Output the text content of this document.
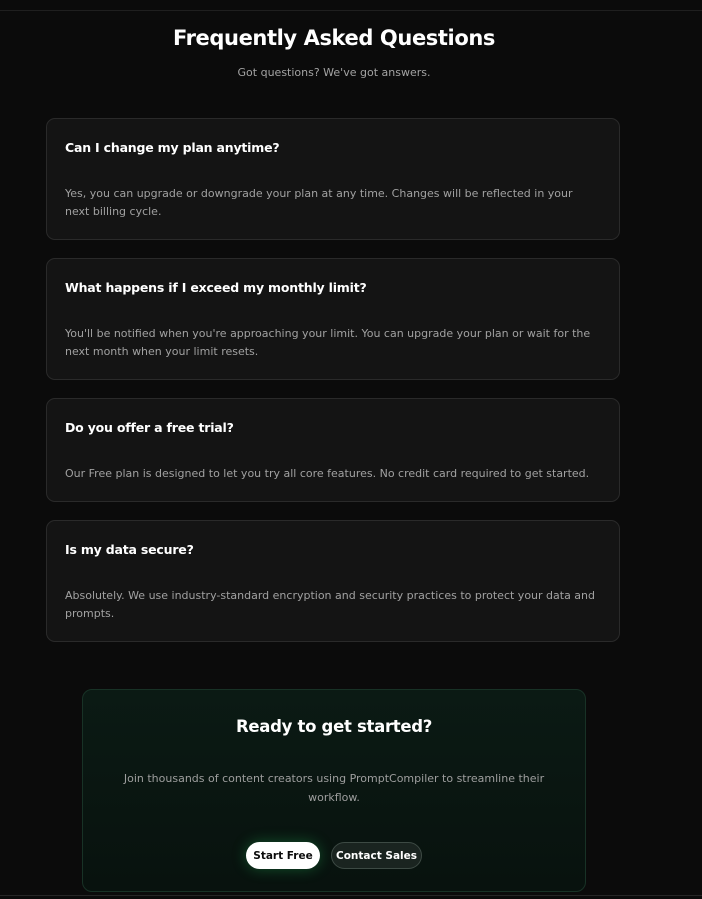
Frequently Asked Questions
Got questions? We've got answers.
Can I change my plan anytime?
Yes, you can upgrade or downgrade your plan at any time. Changes will be reflected in your next billing cycle.
What happens if I exceed my monthly limit?
You'll be notified when you're approaching your limit. You can upgrade your plan or wait for the next month when your limit resets.
Do you offer a free trial?
Our Free plan is designed to let you try all core features. No credit card required to get started.
Is my data secure?
Absolutely. We use industry-standard encryption and security practices to protect your data and prompts.
Ready to get started?
Join thousands of content creators using PromptCompiler to streamline their workflow.
Start Free	Contact Sales
